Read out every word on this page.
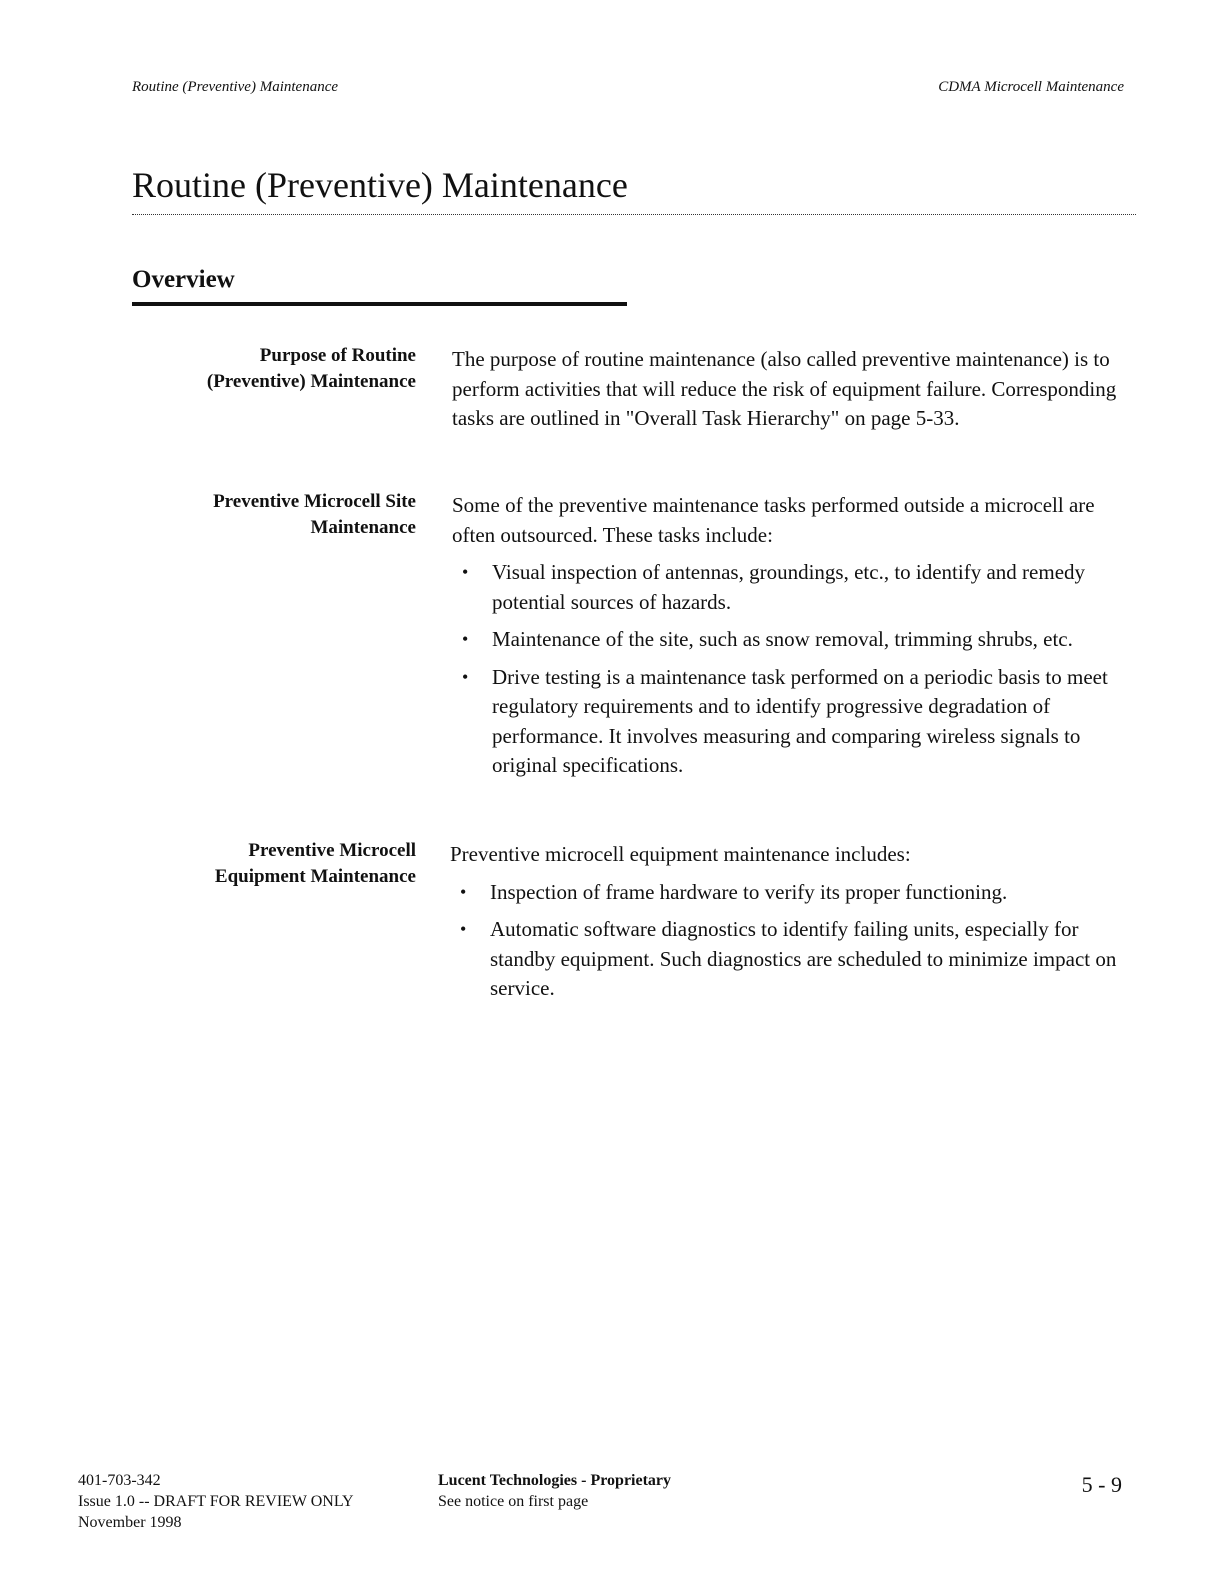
Routine (Preventive) Maintenance	CDMA Microcell Maintenance
Routine (Preventive) Maintenance
Overview
Purpose of Routine
(Preventive) Maintenance

The purpose of routine maintenance (also called preventive maintenance) is to perform activities that will reduce the risk of equipment failure. Corresponding tasks are outlined in "Overall Task Hierarchy" on page 5-33.

Preventive Microcell Site
Maintenance

Some of the preventive maintenance tasks performed outside a microcell are often outsourced. These tasks include:

• Visual inspection of antennas, groundings, etc., to identify and remedy potential sources of hazards.
• Maintenance of the site, such as snow removal, trimming shrubs, etc.
• Drive testing is a maintenance task performed on a periodic basis to meet regulatory requirements and to identify progressive degradation of performance. It involves measuring and comparing wireless signals to original specifications.
Preventive Microcell
Equipment Maintenance

Preventive microcell equipment maintenance includes:

• Inspection of frame hardware to verify its proper functioning.
• Automatic software diagnostics to identify failing units, especially for standby equipment. Such diagnostics are scheduled to minimize impact on service.
401-703-342
Issue 1.0 -- DRAFT FOR REVIEW ONLY
November 1998
Lucent Technologies - Proprietary
See notice on first page
5 - 9
